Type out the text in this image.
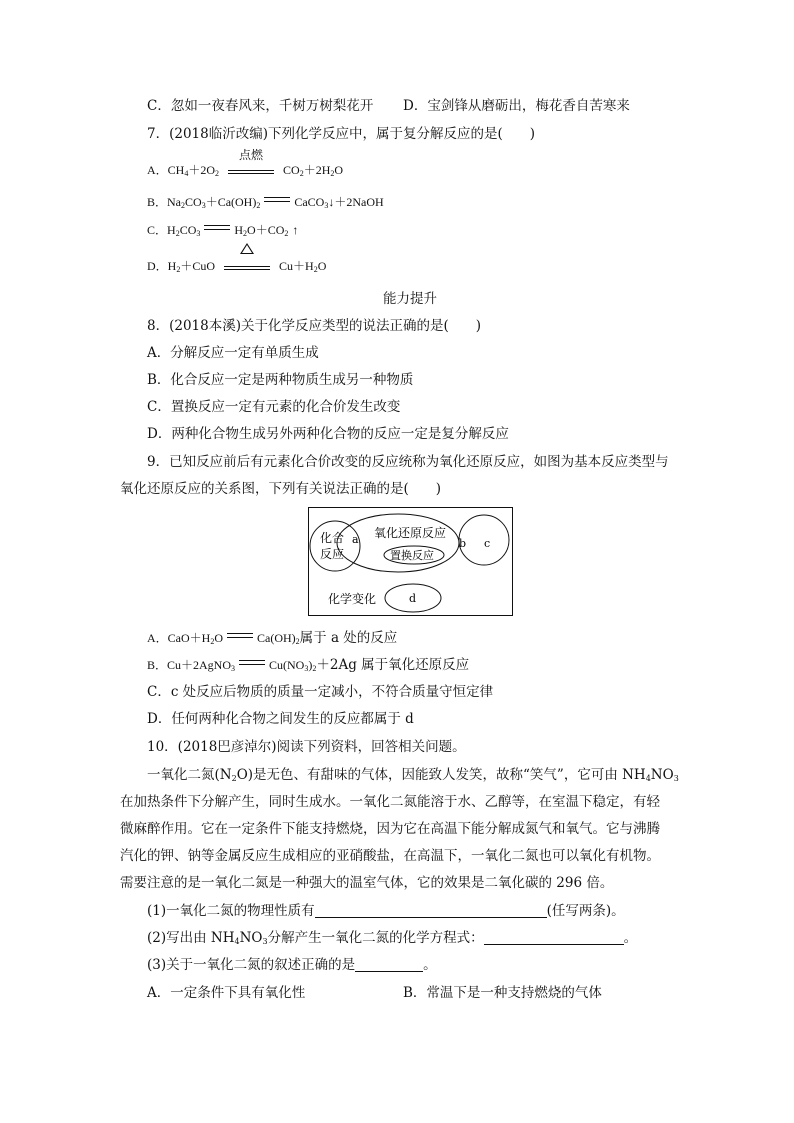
C．忽如一夜春风来，千树万树梨花开 D．宝剑锋从磨砺出，梅花香自苦寒来
7．(2018临沂改编)下列化学反应中，属于复分解反应的是(　　)
A．$CH_4+2O_2$
点燃
$CO_2+2H_2O$
B．$Na_2CO_3+Ca(OH)_2$	CaCO$_3$ ↓ ＋2NaOH
C．$H_2CO_3$	$H_2O+CO_2$ ↑
D．$H_2+CuO$	$Cu+H_2O$
能力提升
8．(2018本溪)关于化学反应类型的说法正确的是(　　)
A．分解反应一定有单质生成
B．化合反应一定是两种物质生成另一种物质
C．置换反应一定有元素的化合价发生改变
D．两种化合物生成另外两种化合物的反应一定是复分解反应
9．已知反应前后有元素化合价改变的反应统称为氧化还原反应，如图为基本反应类型与
氧化还原反应的关系图，下列有关说法正确的是(　　)
化合
反应
a 氧化还原反应
置换反应
b c
化学变化	d
A．$CaO+H_2O$	$Ca(OH)_2$属于 a 处的反应
B．Cu＋2AgNO$_3$	$Cu(NO_3)_2+2Ag$ 属于氧化还原反应
C．c 处反应后物质的质量一定减小，不符合质量守恒定律
D．任何两种化合物之间发生的反应都属于 d
10．(2018巴彦淖尔)阅读下列资料，回答相关问题。
一氧化二氮$(N_2O)$是无色、有甜味的气体，因能致人发笑，故称“笑气”，它可由 $NH_4NO_3$
在加热条件下分解产生，同时生成水。一氧化二氮能溶于水、乙醇等，在室温下稳定，有轻
微麻醉作用。它在一定条件下能支持燃烧，因为它在高温下能分解成氮气和氧气。它与沸腾
汽化的钾、钠等金属反应生成相应的亚硝酸盐，在高温下，一氧化二氮也可以氧化有机物。
需要注意的是一氧化二氮是一种强大的温室气体，它的效果是二氧化碳的 296 倍。
(1)一氧化二氮的物理性质有	(任写两条)。
(2)写出由 $NH_4NO_3$分解产生一氧化二氮的化学方程式：	。
(3)关于一氧化二氮的叙述正确的是	。
A．一定条件下具有氧化性	B．常温下是一种支持燃烧的气体
